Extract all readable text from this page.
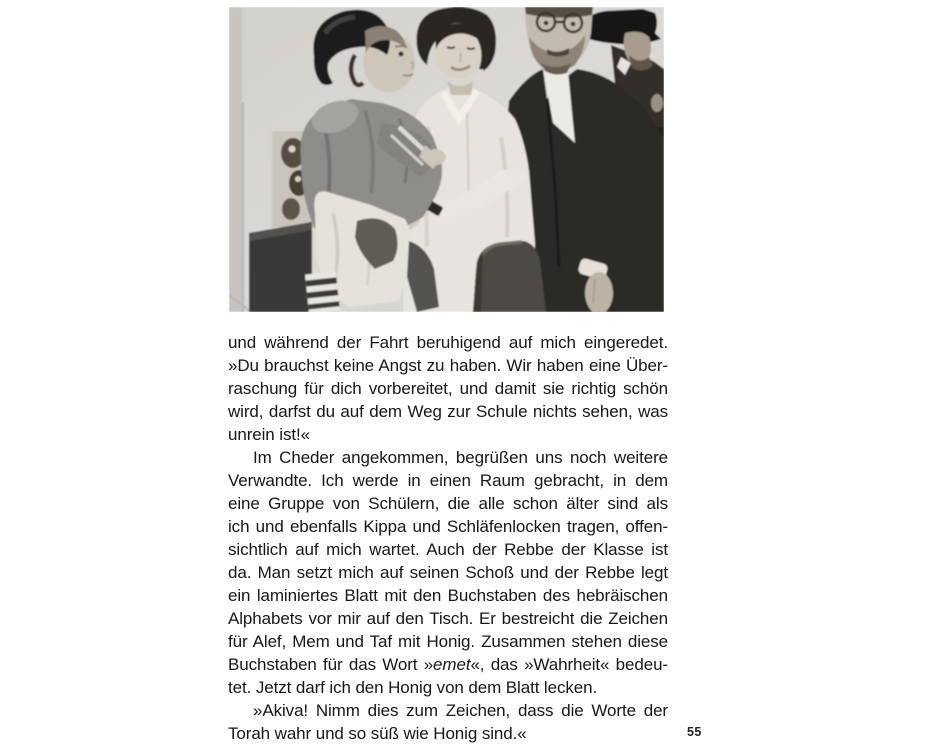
und während der Fahrt beruhigend auf mich eingeredet.
»Du brauchst keine Angst zu haben. Wir haben eine Über-
raschung für dich vorbereitet, und damit sie richtig schön
wird, darfst du auf dem Weg zur Schule nichts sehen, was
unrein ist!«
Im Cheder angekommen, begrüßen uns noch weitere
Verwandte. Ich werde in einen Raum gebracht, in dem
eine Gruppe von Schülern, die alle schon älter sind als
ich und ebenfalls Kippa und Schläfenlocken tragen, offen-
sichtlich auf mich wartet. Auch der Rebbe der Klasse ist
da. Man setzt mich auf seinen Schoß und der Rebbe legt
ein laminiertes Blatt mit den Buchstaben des hebräischen
Alphabets vor mir auf den Tisch. Er bestreicht die Zeichen
für Alef, Mem und Taf mit Honig. Zusammen stehen diese
Buchstaben für das Wort »emet«, das »Wahrheit« bedeu-
tet. Jetzt darf ich den Honig von dem Blatt lecken.
»Akiva! Nimm dies zum Zeichen, dass die Worte der
Torah wahr und so süß wie Honig sind.«	55
